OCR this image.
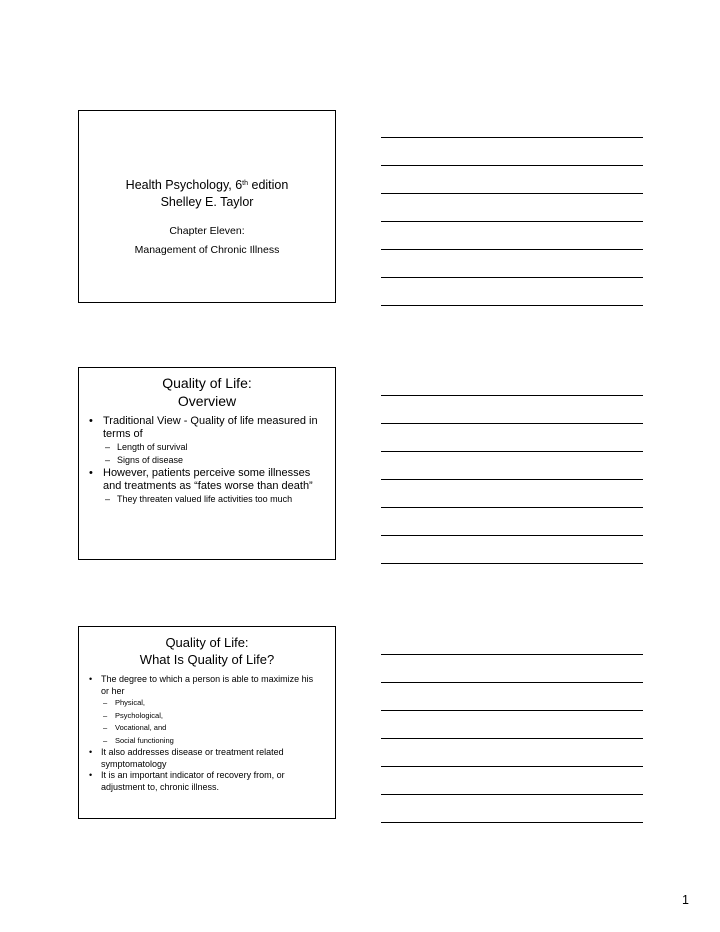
Health Psychology, 6th edition
Shelley E. Taylor
Chapter Eleven:
Management of Chronic Illness
Quality of Life:
Overview
• Traditional View - Quality of life measured in terms of
– Length of survival
– Signs of disease
• However, patients perceive some illnesses and treatments as “fates worse than death”
– They threaten valued life activities too much
Quality of Life:
What Is Quality of Life?
• The degree to which a person is able to maximize his or her
– Physical,
– Psychological,
– Vocational, and
– Social functioning
• It also addresses disease or treatment related symptomatology
• It is an important indicator of recovery from, or adjustment to, chronic illness.
1
